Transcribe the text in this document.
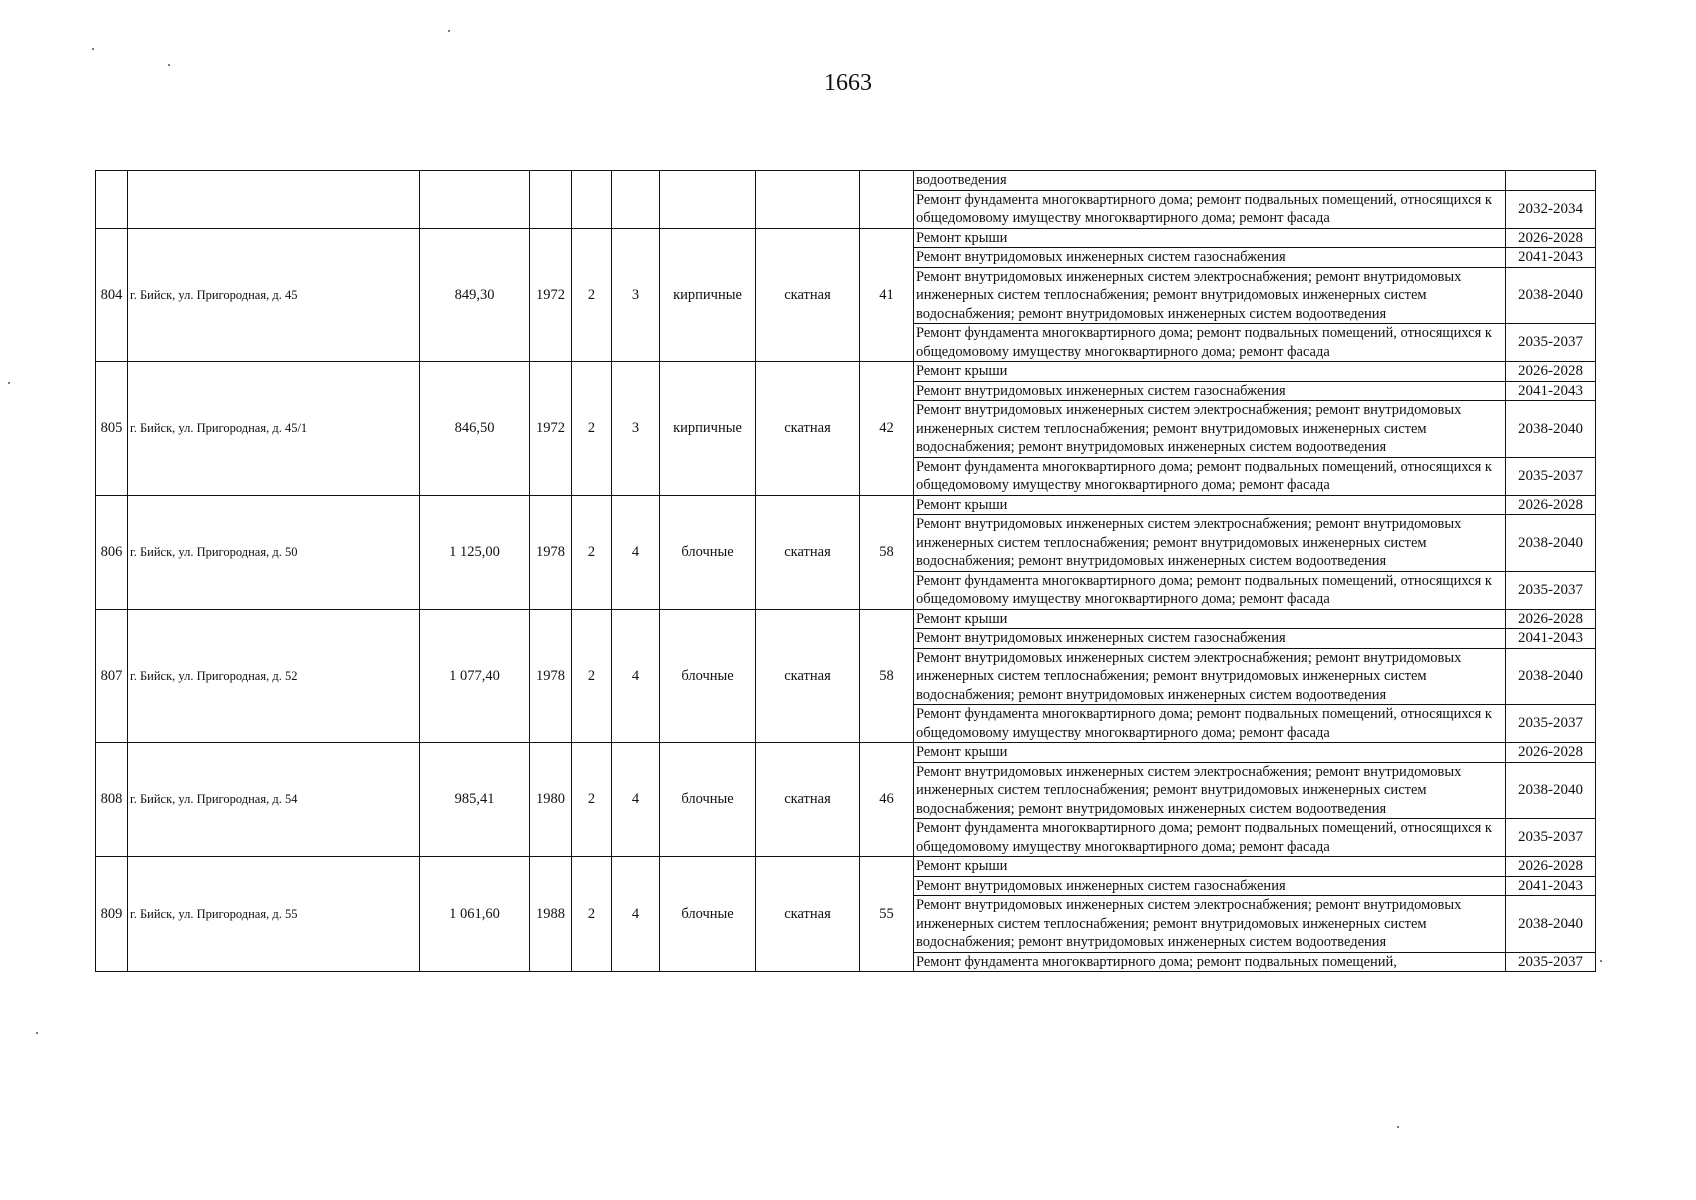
1663
									водоотведения	
									Ремонт фундамента многоквартирного дома; ремонт подвальных помещений, относящихся к общедомовому имуществу многоквартирного дома; ремонт фасада	2032-2034
804	г. Бийск, ул. Пригородная, д. 45	849,30	1972	2	3	кирпичные	скатная	41	Ремонт крыши	2026-2028
									Ремонт внутридомовых инженерных систем газоснабжения	2041-2043
									Ремонт внутридомовых инженерных систем электроснабжения; ремонт внутридомовых инженерных систем теплоснабжения; ремонт внутридомовых инженерных систем водоснабжения; ремонт внутридомовых инженерных систем водоотведения	2038-2040
									Ремонт фундамента многоквартирного дома; ремонт подвальных помещений, относящихся к общедомовому имуществу многоквартирного дома; ремонт фасада	2035-2037
805	г. Бийск, ул. Пригородная, д. 45/1	846,50	1972	2	3	кирпичные	скатная	42	Ремонт крыши	2026-2028
									Ремонт внутридомовых инженерных систем газоснабжения	2041-2043
									Ремонт внутридомовых инженерных систем электроснабжения; ремонт внутридомовых инженерных систем теплоснабжения; ремонт внутридомовых инженерных систем водоснабжения; ремонт внутридомовых инженерных систем водоотведения	2038-2040
									Ремонт фундамента многоквартирного дома; ремонт подвальных помещений, относящихся к общедомовому имуществу многоквартирного дома; ремонт фасада	2035-2037
806	г. Бийск, ул. Пригородная, д. 50	1 125,00	1978	2	4	блочные	скатная	58	Ремонт крыши	2026-2028
									Ремонт внутридомовых инженерных систем электроснабжения; ремонт внутридомовых инженерных систем теплоснабжения; ремонт внутридомовых инженерных систем водоснабжения; ремонт внутридомовых инженерных систем водоотведения	2038-2040
									Ремонт фундамента многоквартирного дома; ремонт подвальных помещений, относящихся к общедомовому имуществу многоквартирного дома; ремонт фасада	2035-2037
807	г. Бийск, ул. Пригородная, д. 52	1 077,40	1978	2	4	блочные	скатная	58	Ремонт крыши	2026-2028
									Ремонт внутридомовых инженерных систем газоснабжения	2041-2043
									Ремонт внутридомовых инженерных систем электроснабжения; ремонт внутридомовых инженерных систем теплоснабжения; ремонт внутридомовых инженерных систем водоснабжения; ремонт внутридомовых инженерных систем водоотведения	2038-2040
									Ремонт фундамента многоквартирного дома; ремонт подвальных помещений, относящихся к общедомовому имуществу многоквартирного дома; ремонт фасада	2035-2037
808	г. Бийск, ул. Пригородная, д. 54	985,41	1980	2	4	блочные	скатная	46	Ремонт крыши	2026-2028
									Ремонт внутридомовых инженерных систем электроснабжения; ремонт внутридомовых инженерных систем теплоснабжения; ремонт внутридомовых инженерных систем водоснабжения; ремонт внутридомовых инженерных систем водоотведения	2038-2040
									Ремонт фундамента многоквартирного дома; ремонт подвальных помещений, относящихся к общедомовому имуществу многоквартирного дома; ремонт фасада	2035-2037
809	г. Бийск, ул. Пригородная, д. 55	1 061,60	1988	2	4	блочные	скатная	55	Ремонт крыши	2026-2028
									Ремонт внутридомовых инженерных систем газоснабжения	2041-2043
									Ремонт внутридомовых инженерных систем электроснабжения; ремонт внутридомовых инженерных систем теплоснабжения; ремонт внутридомовых инженерных систем водоснабжения; ремонт внутридомовых инженерных систем водоотведения	2038-2040
									Ремонт фундамента многоквартирного дома; ремонт подвальных помещений,	2035-2037
